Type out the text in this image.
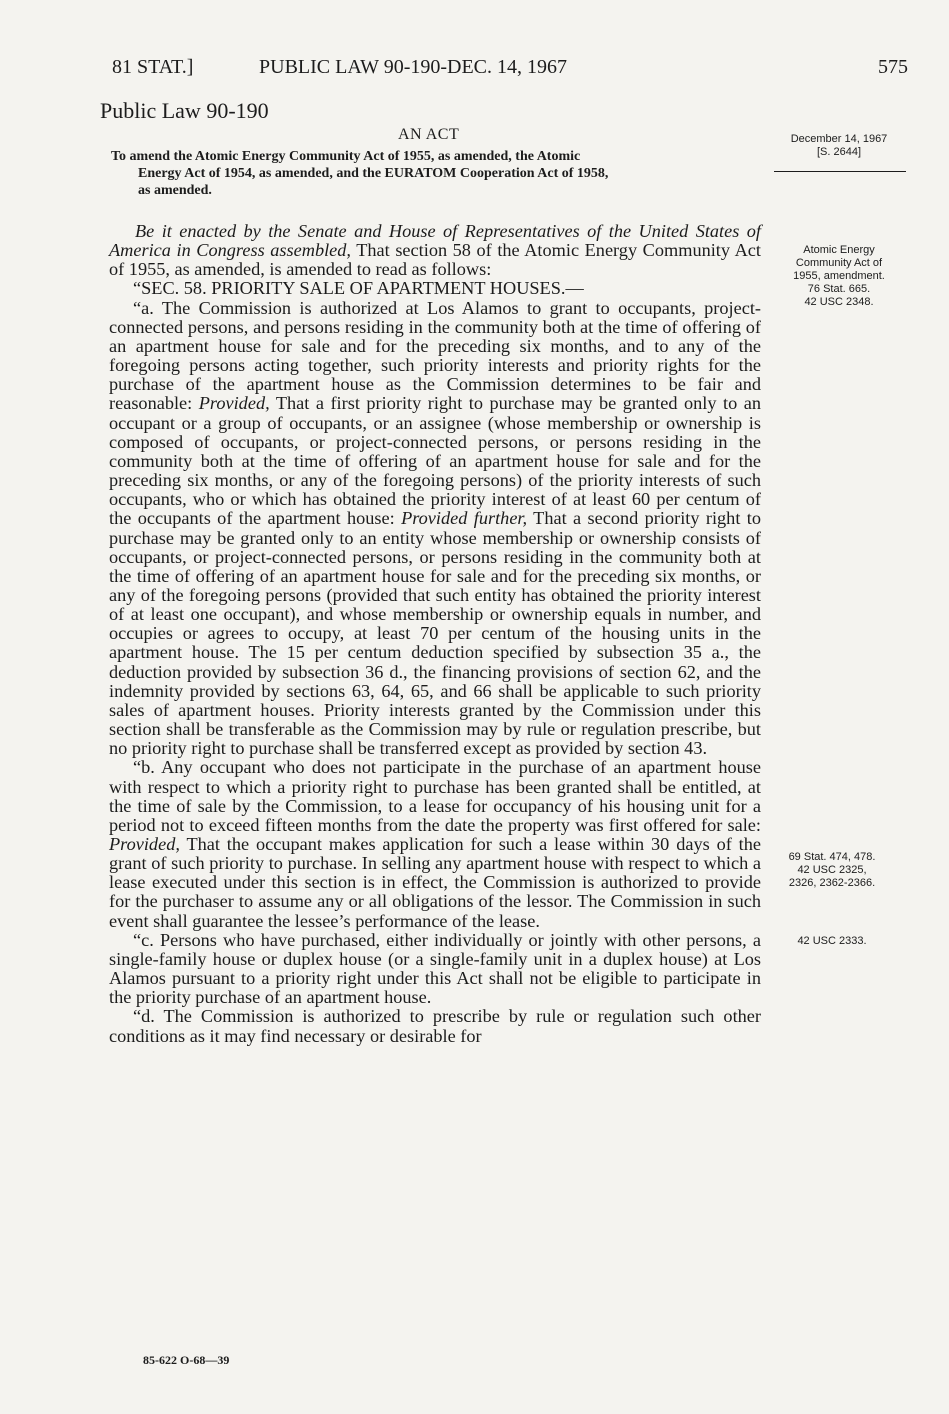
81 STAT.]	PUBLIC LAW 90-190-DEC. 14, 1967	575
Public Law 90-190
AN ACT

To amend the Atomic Energy Community Act of 1955, as amended, the Atomic

Energy Act of 1954, as amended, and the EURATOM Cooperation Act of 1958,
as amended.

December 14, 1967
[S. 2644]
Atomic Energy
Community Act of
1955, amendment.
76 Stat. 665.
42 USC 2348.
69 Stat. 474, 478.
42 USC 2325,
2326, 2362-2366.
42 USC 2333.

Be it enacted by the Senate and House of Representatives of the United States of America in Congress assembled, That section 58 of the Atomic Energy Community Act of 1955, as amended, is amended to read as follows:

“SEC. 58. PRIORITY SALE OF APARTMENT HOUSES.—

“a. The Commission is authorized at Los Alamos to grant to occupants, project-connected persons, and persons residing in the community both at the time of offering of an apartment house for sale and for the preceding six months, and to any of the foregoing persons acting together, such priority interests and priority rights for the purchase of the apartment house as the Commission determines to be fair and reasonable: Provided, That a first priority right to purchase may be granted only to an occupant or a group of occupants, or an assignee (whose membership or ownership is composed of occupants, or project-connected persons, or persons residing in the community both at the time of offering of an apartment house for sale and for the preceding six months, or any of the foregoing persons) of the priority interests of such occupants, who or which has obtained the priority interest of at least 60 per centum of the occupants of the apartment house: Provided further, That a second priority right to purchase may be granted only to an entity whose membership or ownership consists of occupants, or project-connected persons, or persons residing in the community both at the time of offering of an apartment house for sale and for the preceding six months, or any of the foregoing persons (provided that such entity has obtained the priority interest of at least one occupant), and whose membership or ownership equals in number, and occupies or agrees to occupy, at least 70 per centum of the housing units in the apartment house. The 15 per centum deduction specified by subsection 35 a., the deduction provided by subsection 36 d., the financing provisions of section 62, and the indemnity provided by sections 63, 64, 65, and 66 shall be applicable to such priority sales of apartment houses. Priority interests granted by the Commission under this section shall be transferable as the Commission may by rule or regulation prescribe, but no priority right to purchase shall be transferred except as provided by section 43.

“b. Any occupant who does not participate in the purchase of an apartment house with respect to which a priority right to purchase has been granted shall be entitled, at the time of sale by the Commission, to a lease for occupancy of his housing unit for a period not to exceed fifteen months from the date the property was first offered for sale: Provided, That the occupant makes application for such a lease within 30 days of the grant of such priority to purchase. In selling any apartment house with respect to which a lease executed under this section is in effect, the Commission is authorized to provide for the purchaser to assume any or all obligations of the lessor. The Commission in such event shall guarantee the lessee’s performance of the lease.

“c. Persons who have purchased, either individually or jointly with other persons, a single-family house or duplex house (or a single-family unit in a duplex house) at Los Alamos pursuant to a priority right under this Act shall not be eligible to participate in the priority purchase of an apartment house.

“d. The Commission is authorized to prescribe by rule or regulation such other conditions as it may find necessary or desirable for

85-622 O-68—39
